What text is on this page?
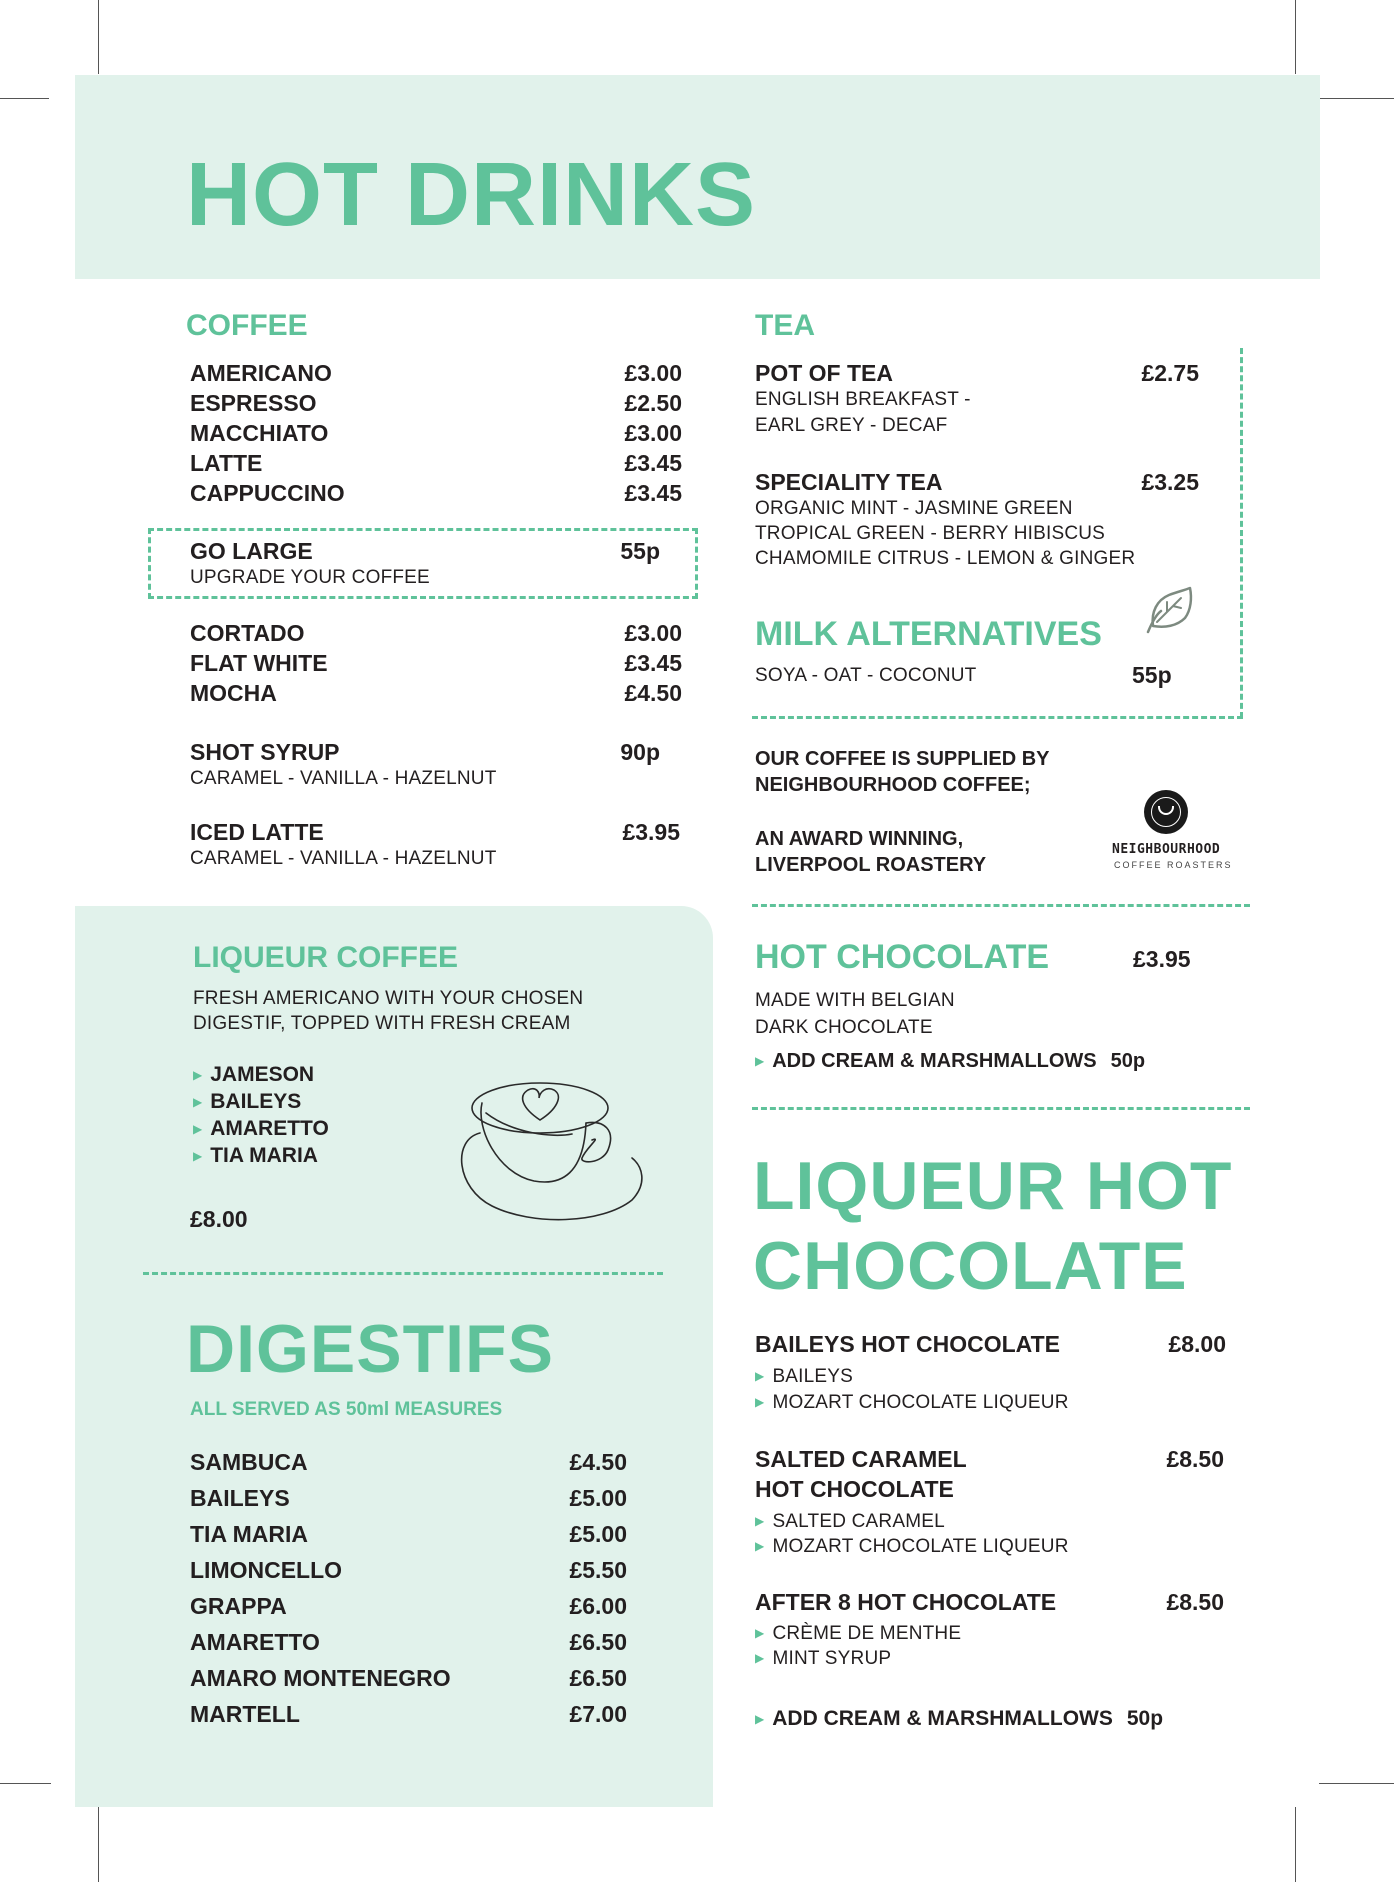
HOT DRINKS
COFFEE
AMERICANO	£3.00
ESPRESSO	£2.50
MACCHIATO	£3.00
LATTE	£3.45
CAPPUCCINO	£3.45
GO LARGE	55p
UPGRADE YOUR COFFEE
CORTADO	£3.00
FLAT WHITE	£3.45
MOCHA	£4.50
SHOT SYRUP	90p
CARAMEL - VANILLA - HAZELNUT
ICED LATTE	£3.95
CARAMEL - VANILLA - HAZELNUT
TEA
POT OF TEA	£2.75
ENGLISH BREAKFAST -
EARL GREY - DECAF
SPECIALITY TEA	£3.25
ORGANIC MINT - JASMINE GREEN
TROPICAL GREEN - BERRY HIBISCUS
CHAMOMILE CITRUS - LEMON & GINGER
MILK ALTERNATIVES
SOYA - OAT - COCONUT	55p
OUR COFFEE IS SUPPLIED BY
NEIGHBOURHOOD COFFEE;
AN AWARD WINNING,
LIVERPOOL ROASTERY
NEIGHBOURHOOD
COFFEE ROASTERS
HOT CHOCOLATE	£3.95
MADE WITH BELGIAN
DARK CHOCOLATE
▶ ADD CREAM & MARSHMALLOWS 50p
LIQUEUR HOT
CHOCOLATE
BAILEYS HOT CHOCOLATE	£8.00
▶ BAILEYS
▶ MOZART CHOCOLATE LIQUEUR
SALTED CARAMEL	£8.50
HOT CHOCOLATE
▶ SALTED CARAMEL
▶ MOZART CHOCOLATE LIQUEUR
AFTER 8 HOT CHOCOLATE	£8.50
▶ CRÈME DE MENTHE
▶ MINT SYRUP
▶ ADD CREAM & MARSHMALLOWS 50p
LIQUEUR COFFEE
FRESH AMERICANO WITH YOUR CHOSEN
DIGESTIF, TOPPED WITH FRESH CREAM
▶ JAMESON
▶ BAILEYS
▶ AMARETTO
▶ TIA MARIA
£8.00
DIGESTIFS
ALL SERVED AS 50ml MEASURES
SAMBUCA	£4.50
BAILEYS	£5.00
TIA MARIA	£5.00
LIMONCELLO	£5.50
GRAPPA	£6.00
AMARETTO	£6.50
AMARO MONTENEGRO	£6.50
MARTELL	£7.00
